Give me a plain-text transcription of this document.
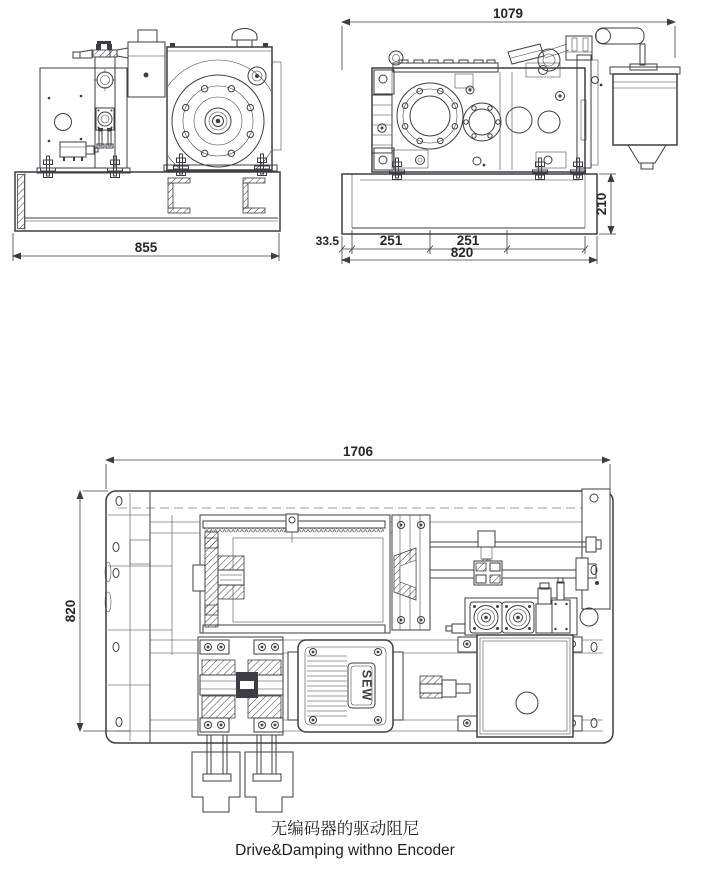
855
1079
210
33.5	251	251
820
1706
820
SEW
无编码器的驱动阻尼
Drive&Damping withno Encoder
